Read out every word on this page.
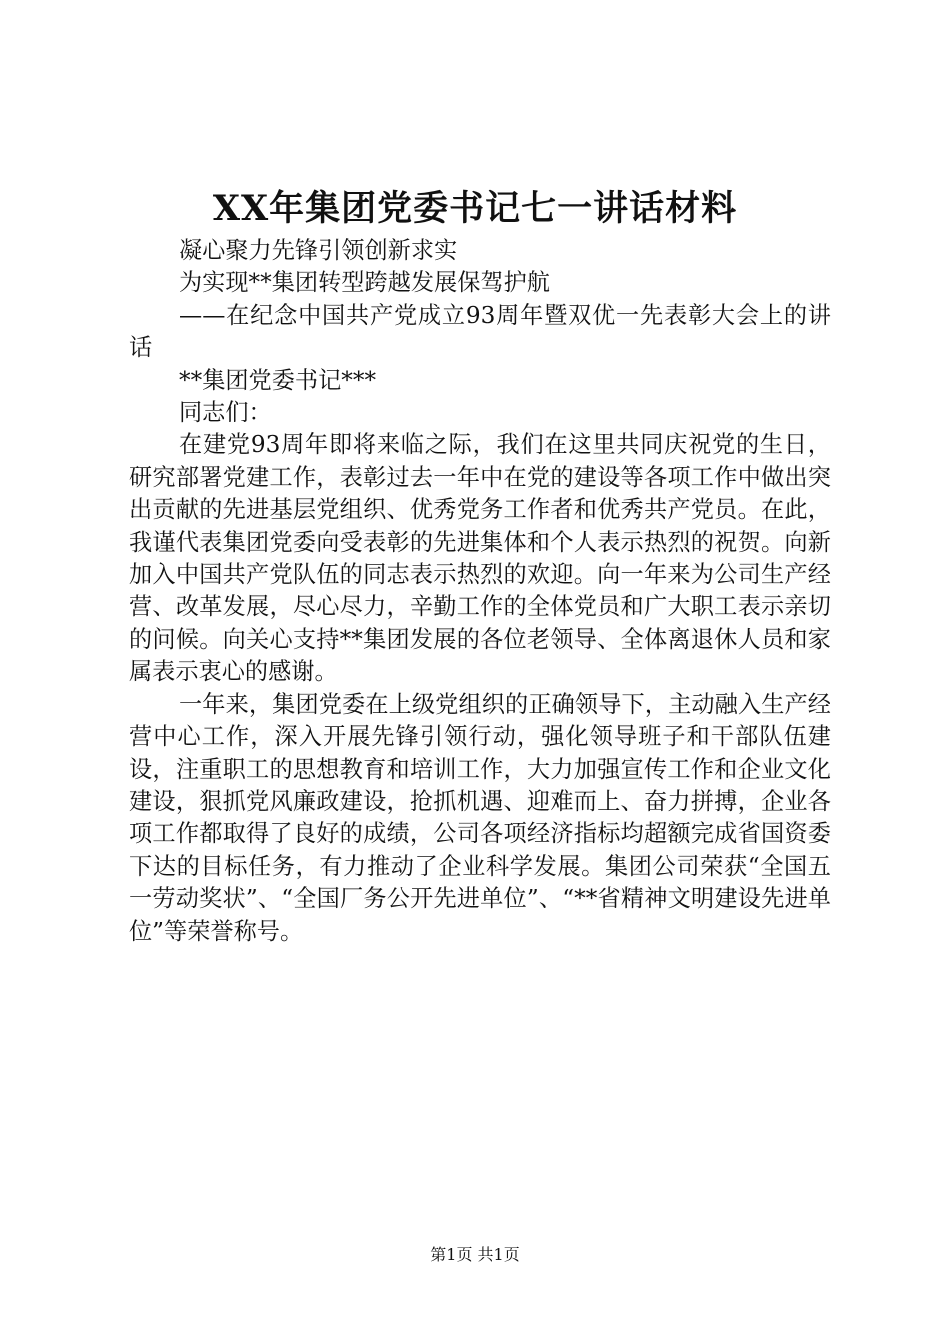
XX年集团党委书记七一讲话材料

凝心聚力先锋引领创新求实

为实现**集团转型跨越发展保驾护航

——在纪念中国共产党成立93周年暨双优一先表彰大会上的讲话

**集团党委书记***

同志们：

在建党93周年即将来临之际，我们在这里共同庆祝党的生日，研究部署党建工作，表彰过去一年中在党的建设等各项工作中做出突出贡献的先进基层党组织、优秀党务工作者和优秀共产党员。在此，我谨代表集团党委向受表彰的先进集体和个人表示热烈的祝贺。向新加入中国共产党队伍的同志表示热烈的欢迎。向一年来为公司生产经营、改革发展，尽心尽力，辛勤工作的全体党员和广大职工表示亲切的问候。向关心支持**集团发展的各位老领导、全体离退休人员和家属表示衷心的感谢。

一年来，集团党委在上级党组织的正确领导下，主动融入生产经营中心工作，深入开展先锋引领行动，强化领导班子和干部队伍建设，注重职工的思想教育和培训工作，大力加强宣传工作和企业文化建设，狠抓党风廉政建设，抢抓机遇、迎难而上、奋力拼搏，企业各项工作都取得了良好的成绩，公司各项经济指标均超额完成省国资委下达的目标任务，有力推动了企业科学发展。集团公司荣获“全国五一劳动奖状”、“全国厂务公开先进单位”、“**省精神文明建设先进单位”等荣誉称号。

第1页 共1页
